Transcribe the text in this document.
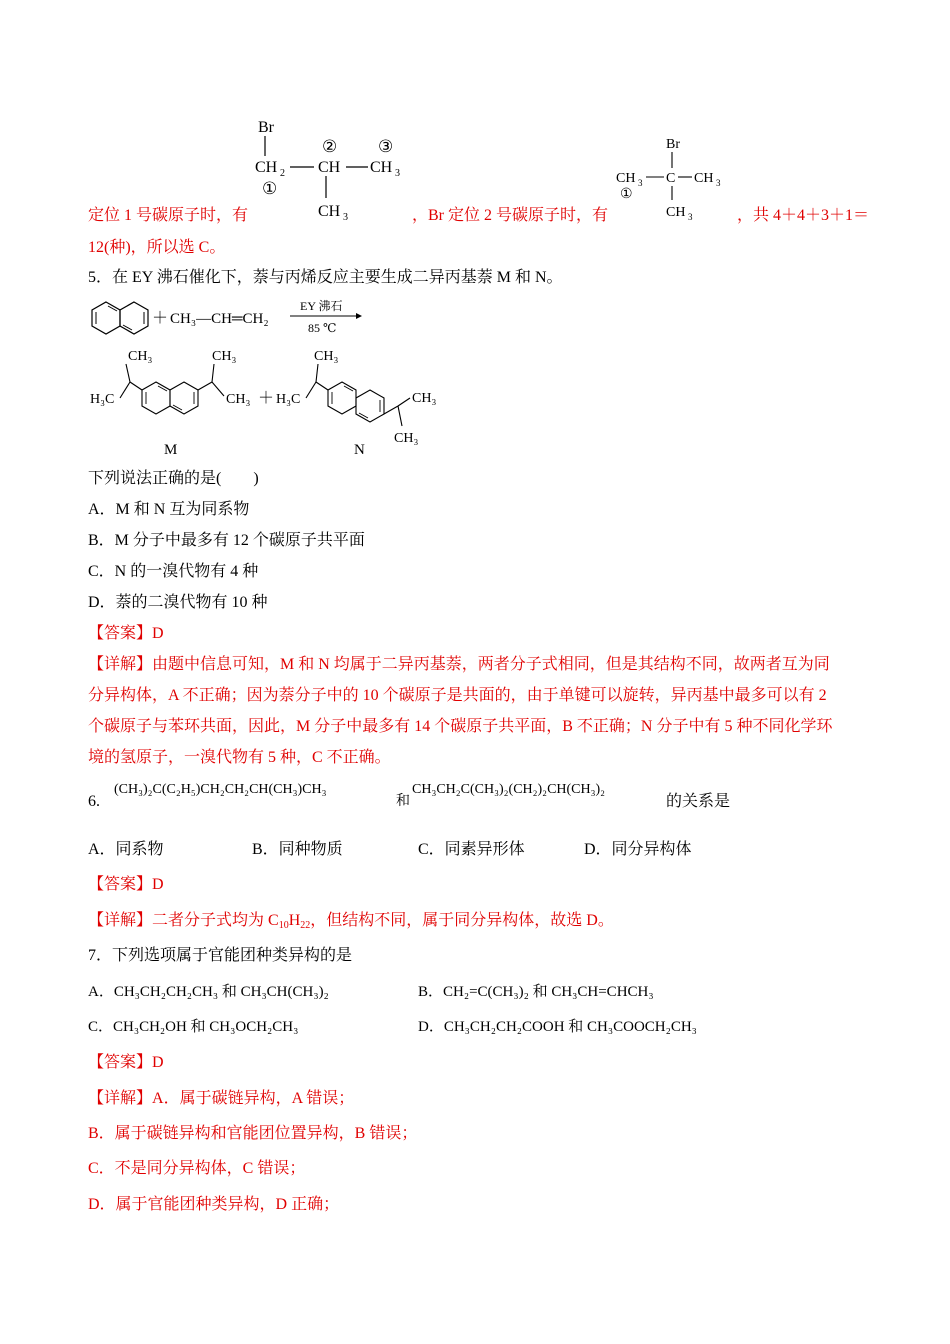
Br
CH 2 CH CH 3
② ③
①
CH 3
Br
CH 3 C CH 3
①
CH 3
定位 1 号碳原子时，有	，Br 定位 2 号碳原子时，有	，共 4＋4＋3＋1＝
12(种)，所以选 C。
5．在 EY 沸石催化下，萘与丙烯反应主要生成二异丙基萘 M 和 N。
＋ CH₃—CH═CH₂
EY 沸石
85 ℃
H₃C
CH₃	CH₃
CH₃ ＋ H₃C
CH₃
CH₃
CH₃
M	N
下列说法正确的是(　　)
A．M 和 N 互为同系物
B．M 分子中最多有 12 个碳原子共平面
C．N 的一溴代物有 4 种
D．萘的二溴代物有 10 种
【答案】D
【详解】由题中信息可知，M 和 N 均属于二异丙基萘，两者分子式相同，但是其结构不同，故两者互为同
分异构体，A 不正确；因为萘分子中的 10 个碳原子是共面的，由于单键可以旋转，异丙基中最多可以有 2
个碳原子与苯环共面，因此，M 分子中最多有 14 个碳原子共平面，B 不正确；N 分子中有 5 种不同化学环
境的氢原子，一溴代物有 5 种，C 不正确。
6.
(CH₃)₂C(C₂H₅)CH₂CH₂CH(CH₃)CH₃
和
CH₃CH₂C(CH₃)₂(CH₂)₂CH(CH₃)₂
的关系是
A．同系物	B．同种物质	C．同素异形体	D．同分异构体
【答案】D
【详解】二者分子式均为 $C_{10}H_{22}$，但结构不同，属于同分异构体，故选 D。
7．下列选项属于官能团种类异构的是
A．CH₃CH₂CH₂CH₃ 和 CH₃CH(CH₃)₂	B．CH₂=C(CH₃)₂ 和 CH₃CH=CHCH₃
C．CH₃CH₂OH 和 CH₃OCH₂CH₃	D．CH₃CH₂CH₂COOH 和 CH₃COOCH₂CH₃
【答案】D
【详解】A．属于碳链异构，A 错误；
B．属于碳链异构和官能团位置异构，B 错误；
C．不是同分异构体，C 错误；
D．属于官能团种类异构，D 正确；
